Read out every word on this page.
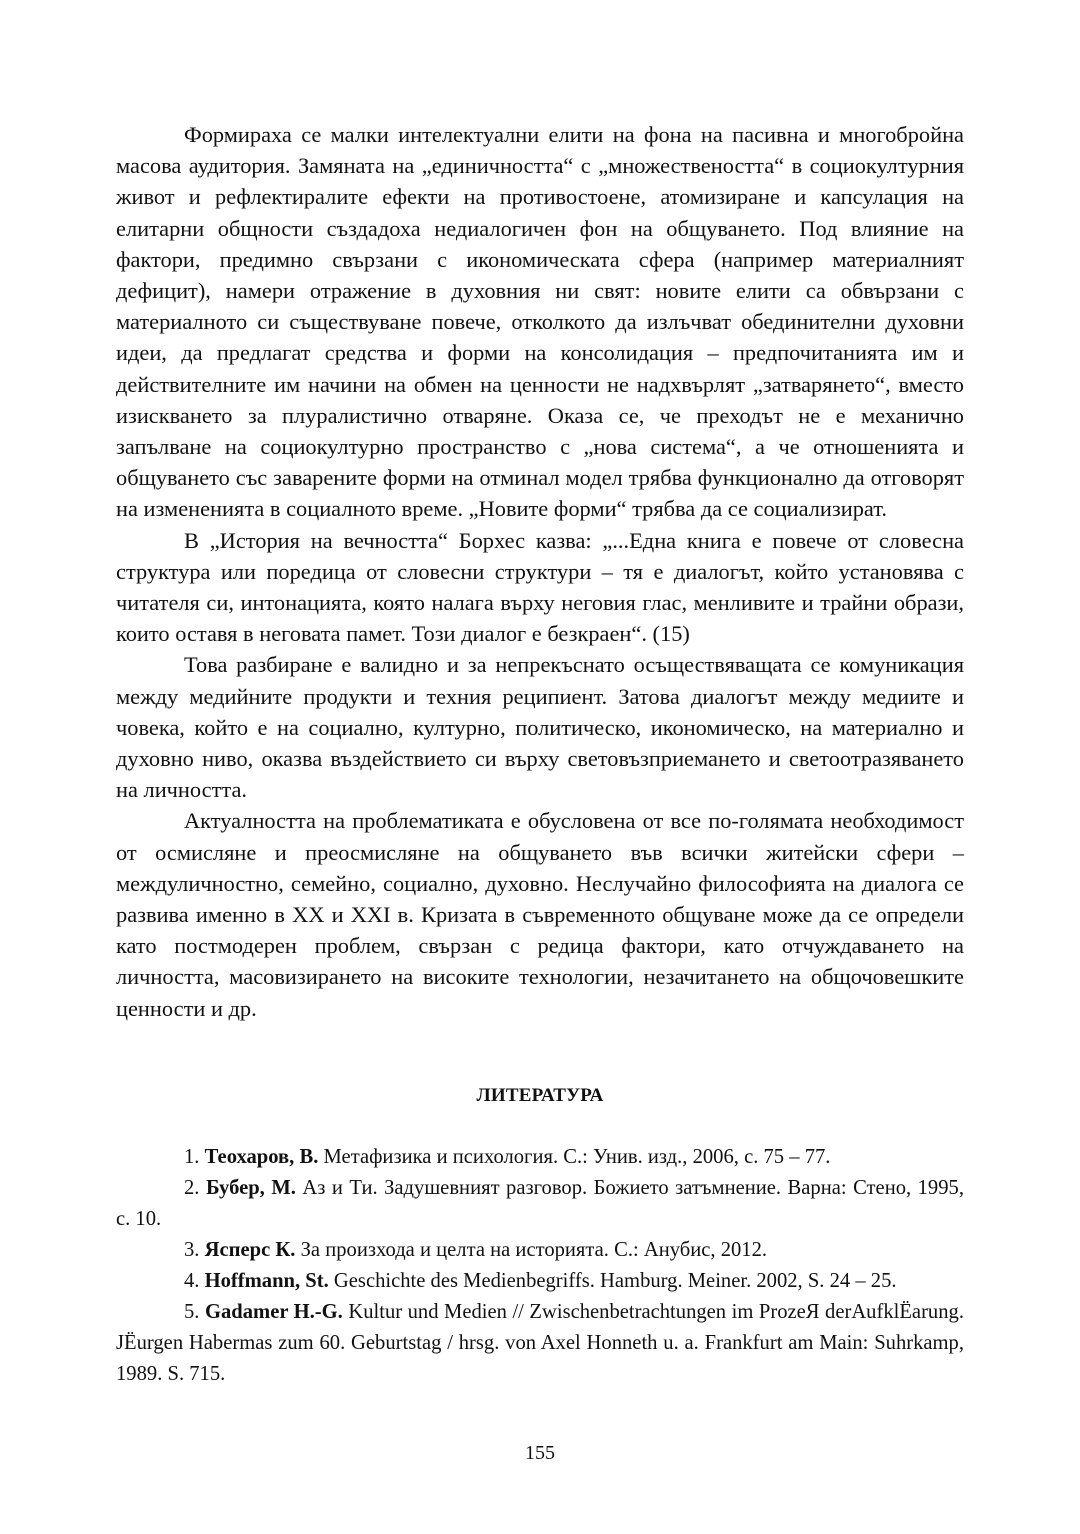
Формираха се малки интелектуални елити на фона на пасивна и многобройна масова аудитория. Замяната на „единичността“ с „множествеността“ в социокултурния живот и рефлектиралите ефекти на противостоене, атомизиране и капсулация на елитарни общности създадоха недиалогичен фон на общуването. Под влияние на фактори, предимно свързани с икономическата сфера (например материалният дефицит), намери отражение в духовния ни свят: новите елити са обвързани с материалното си съществуване повече, отколкото да излъчват обединителни духовни идеи, да предлагат средства и форми на консолидация – предпочитанията им и действителните им начини на обмен на ценности не надхвърлят „затварянето“, вместо изискването за плуралистично отваряне. Оказа се, че преходът не е механично запълване на социокултурно пространство с „нова система“, а че отношенията и общуването със заварените форми на отминал модел трябва функционално да отговорят на измененията в социалното време. „Новите форми“ трябва да се социализират.

В „История на вечността“ Борхес казва: „...Една книга е повече от словесна структура или поредица от словесни структури – тя е диалогът, който установява с читателя си, интонацията, която налага върху неговия глас, менливите и трайни образи, които оставя в неговата памет. Този диалог е безкраен“. (15)

Това разбиране е валидно и за непрекъснато осъществяващата се комуникация между медийните продукти и техния реципиент. Затова диалогът между медиите и човека, който е на социално, културно, политическо, икономическо, на материално и духовно ниво, оказва въздействието си върху световъзприемането и светоотразяването на личността.

Актуалността на проблематиката е обусловена от все по-голямата необходимост от осмисляне и преосмисляне на общуването във всички житейски сфери – междуличностно, семейно, социално, духовно. Неслучайно философията на диалога се развива именно в XX и XXI в. Кризата в съвременното общуване може да се определи като постмодерен проблем, свързан с редица фактори, като отчуждаването на личността, масовизирането на високите технологии, незачитането на общочовешките ценности и др.

ЛИТЕРАТУРА

1. Теохаров, В. Метафизика и психология. С.: Унив. изд., 2006, с. 75 – 77.

2. Бубер, М. Аз и Ти. Задушевният разговор. Божието затъмнение. Варна: Стено, 1995, с. 10.

3. Ясперс К. За произхода и целта на историята. С.: Анубис, 2012.

4. Hoffmann, St. Geschichte des Medienbegriffs. Hamburg. Meiner. 2002, S. 24 – 25.

5. Gadamer H.-G. Kultur und Medien // Zwischenbetrachtungen im ProzeЯ derAufklËarung. JËurgen Habermas zum 60. Geburtstag / hrsg. von Axel Honneth u. a. Frankfurt am Main: Suhrkamp, 1989. S. 715.

155
